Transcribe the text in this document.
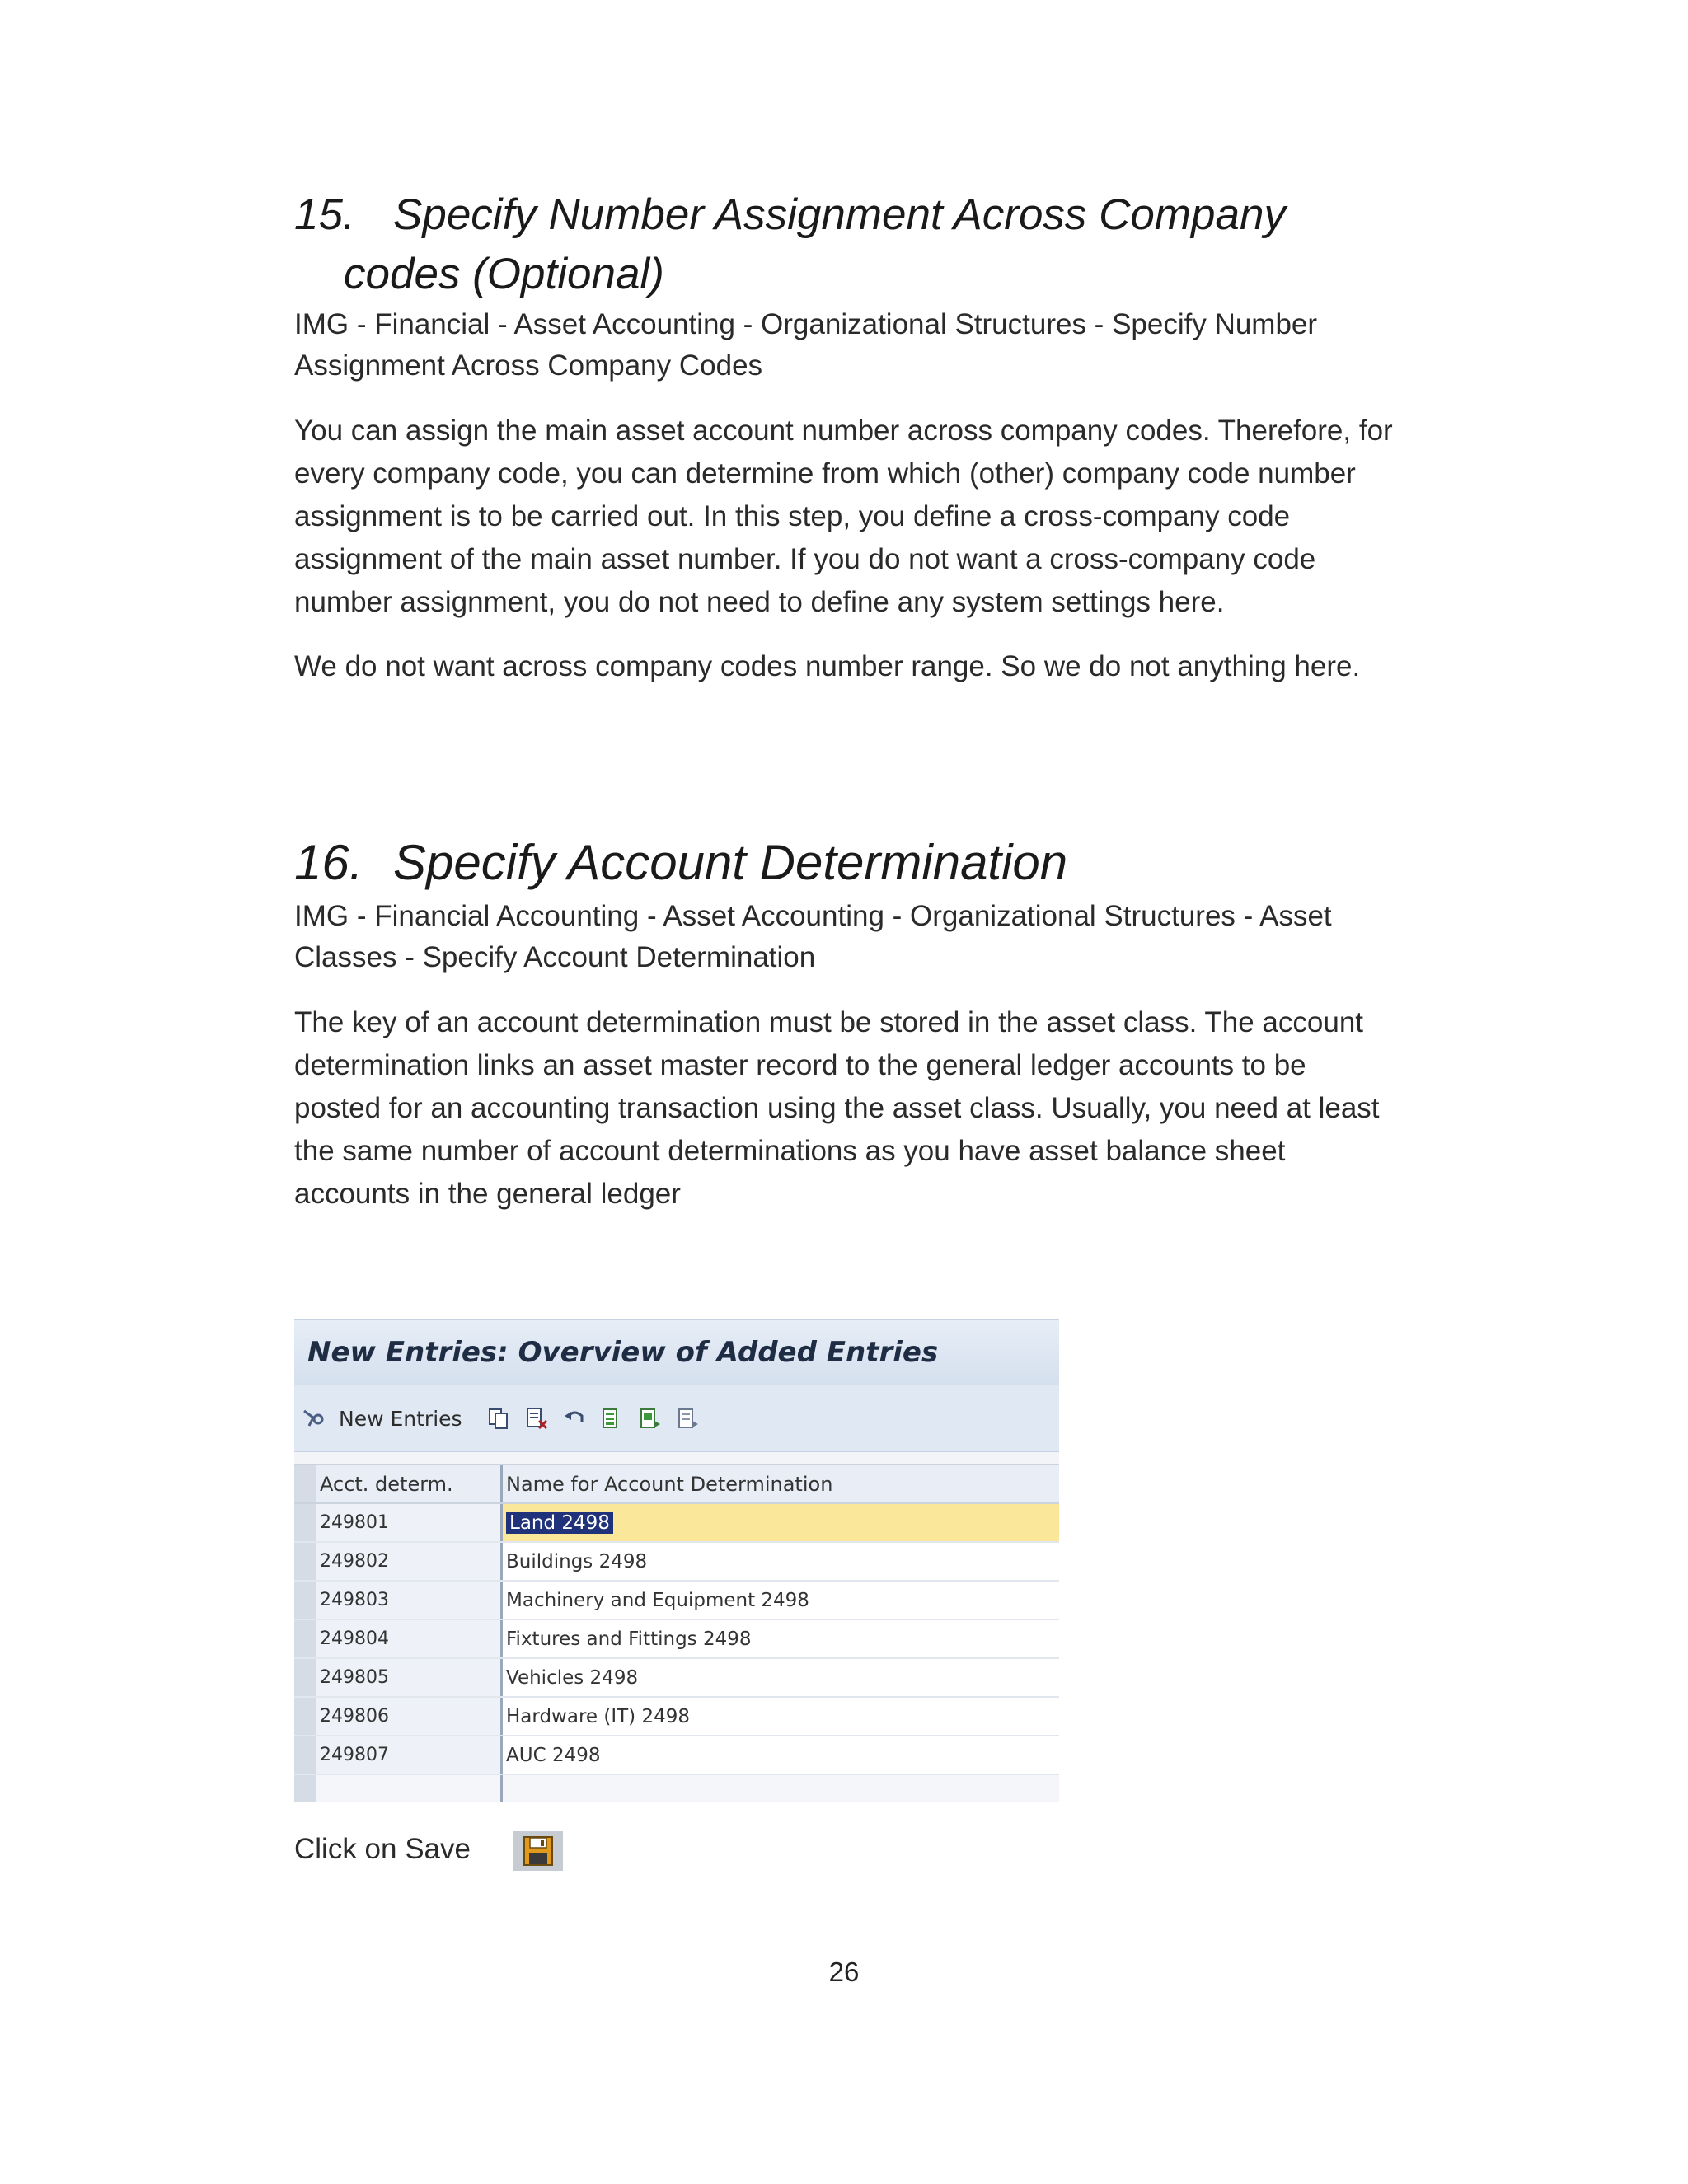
15. Specify Number Assignment Across Company
codes (Optional)

IMG - Financial - Asset Accounting - Organizational Structures - Specify Number Assignment Across Company Codes

You can assign the main asset account number across company codes. Therefore, for every company code, you can determine from which (other) company code number assignment is to be carried out. In this step, you define a cross-company code assignment of the main asset number. If you do not want a cross-company code number assignment, you do not need to define any system settings here.

We do not want across company codes number range. So we do not anything here.

16. Specify Account Determination

IMG - Financial Accounting - Asset Accounting - Organizational Structures - Asset Classes - Specify Account Determination

The key of an account determination must be stored in the asset class. The account determination links an asset master record to the general ledger accounts to be posted for an accounting transaction using the asset class. Usually, you need at least the same number of account determinations as you have asset balance sheet accounts in the general ledger

New Entries: Overview of Added Entries
New Entries
Acct. determ.	Name for Account Determination
249801	Land 2498
249802	Buildings 2498
249803	Machinery and Equipment 2498
249804	Fixtures and Fittings 2498
249805	Vehicles 2498
249806	Hardware (IT) 2498
249807	AUC 2498
Click on Save
26
